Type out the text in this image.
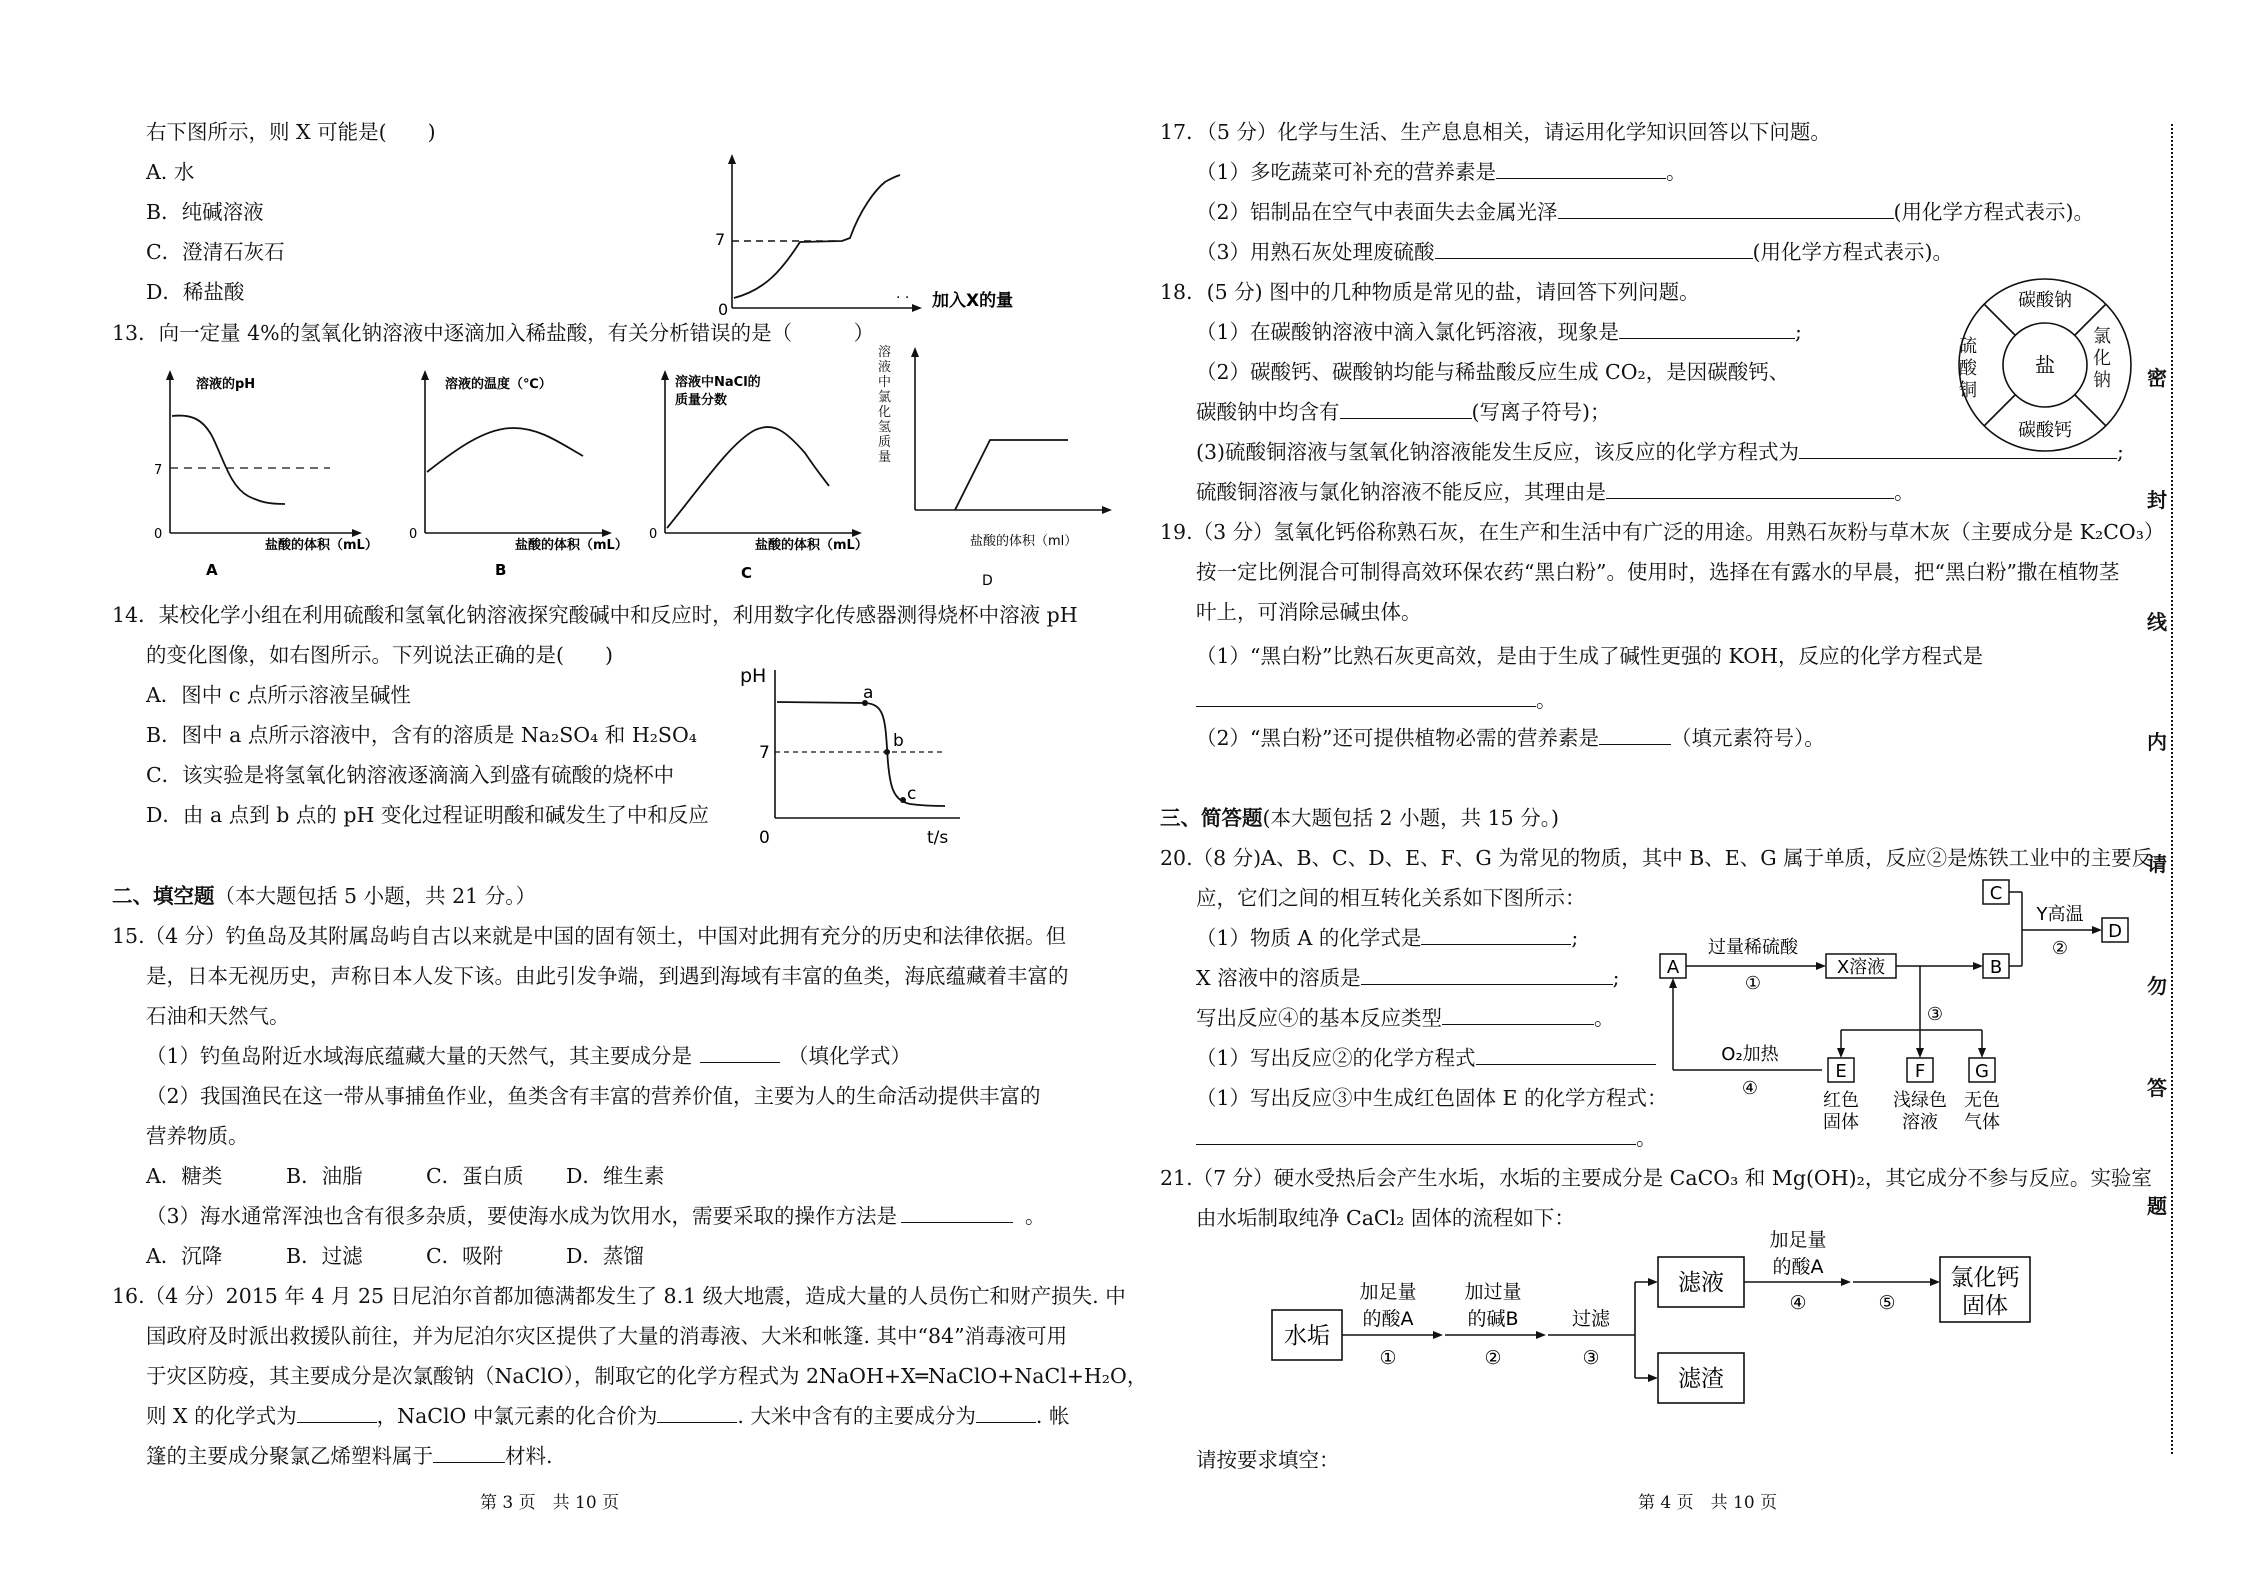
右下图所示，则 X 可能是(　　)
A. 水
B．纯碱溶液
C．澄清石灰石
D．稀盐酸
7
0
· · 加入X的量
13．向一定量 4%的氢氧化钠溶液中逐滴加入稀盐酸，有关分析错误的是（　　　）
溶液的pH
7
0
盐酸的体积（mL）
A
溶液的温度（℃）
0
盐酸的体积（mL）
B
溶液中NaCl的
质量分数
0
盐酸的体积（mL）
C
溶液中氯化氢质量
盐酸的体积（ml）
D
14．某校化学小组在利用硫酸和氢氧化钠溶液探究酸碱中和反应时，利用数字化传感器测得烧杯中溶液 pH
的变化图像，如右图所示。下列说法正确的是(　　)
A．图中 c 点所示溶液呈碱性
B．图中 a 点所示溶液中，含有的溶质是 Na₂SO₄ 和 H₂SO₄
C．该实验是将氢氧化钠溶液逐滴滴入到盛有硫酸的烧杯中
D．由 a 点到 b 点的 pH 变化过程证明酸和碱发生了中和反应
pH
7
0
a
b
c
t/s
二、填空题（本大题包括 5 小题，共 21 分。）
15.（4 分）钓鱼岛及其附属岛屿自古以来就是中国的固有领土，中国对此拥有充分的历史和法律依据。但
是，日本无视历史，声称日本人发下该。由此引发争端，到遇到海域有丰富的鱼类，海底蕴藏着丰富的
石油和天然气。
（1）钓鱼岛附近水域海底蕴藏大量的天然气，其主要成分是	（填化学式）
（2）我国渔民在这一带从事捕鱼作业，鱼类含有丰富的营养价值，主要为人的生命活动提供丰富的
营养物质。
A．糖类	B．油脂	C．蛋白质 D．维生素
（3）海水通常浑浊也含有很多杂质，要使海水成为饮用水，需要采取的操作方法是	。
A．沉降	B．过滤	C．吸附	D．蒸馏
16.（4 分）2015 年 4 月 25 日尼泊尔首都加德满都发生了 8.1 级大地震，造成大量的人员伤亡和财产损失. 中
国政府及时派出救援队前往，并为尼泊尔灾区提供了大量的消毒液、大米和帐篷. 其中“84”消毒液可用
于灾区防疫，其主要成分是次氯酸钠（NaClO），制取它的化学方程式为 2NaOH+X═NaClO+NaCl+H₂O，
则 X 的化学式为	，NaClO 中氯元素的化合价为	. 大米中含有的主要成分为	. 帐
篷的主要成分聚氯乙烯塑料属于	材料.
第 3 页　共 10 页
17．（5 分）化学与生活、生产息息相关，请运用化学知识回答以下问题。
（1）多吃蔬菜可补充的营养素是	。
（2）铝制品在空气中表面失去金属光泽	(用化学方程式表示)。
（3）用熟石灰处理废硫酸	(用化学方程式表示)。
18．(5 分) 图中的几种物质是常见的盐，请回答下列问题。
（1）在碳酸钠溶液中滴入氯化钙溶液，现象是	;
（2）碳酸钙、碳酸钠均能与稀盐酸反应生成 CO₂，是因碳酸钙、
碳酸钠中均含有	(写离子符号)；
(3)硫酸铜溶液与氢氧化钠溶液能发生反应，该反应的化学方程式为	;
硫酸铜溶液与氯化钠溶液不能反应，其理由是	。
盐
碳酸钠
碳酸钙
硫酸铜
氯化钠
19.（3 分）氢氧化钙俗称熟石灰，在生产和生活中有广泛的用途。用熟石灰粉与草木灰（主要成分是 K₂CO₃）
按一定比例混合可制得高效环保农药“黑白粉”。使用时，选择在有露水的早晨，把“黑白粉”撒在植物茎
叶上，可消除忌碱虫体。
（1）“黑白粉”比熟石灰更高效，是由于生成了碱性更强的 KOH，反应的化学方程式是
。
（2）“黑白粉”还可提供植物必需的营养素是	（填元素符号）。
三、简答题(本大题包括 2 小题，共 15 分。)
20.（8 分)A、B、C、D、E、F、G 为常见的物质，其中 B、E、G 属于单质，反应②是炼铁工业中的主要反
应，它们之间的相互转化关系如下图所示：
（1）物质 A 的化学式是	;
X 溶液中的溶质是	;
写出反应④的基本反应类型	。
（1）写出反应②的化学方程式
（1）写出反应③中生成红色固体 E 的化学方程式：
。
A	X溶液	B
C
D
E	F	G
过量稀硫酸
①
Y高温
②
③
O₂加热
④
红色
固体
浅绿色
溶液
无色
气体
21.（7 分）硬水受热后会产生水垢，水垢的主要成分是 CaCO₃ 和 Mg(OH)₂，其它成分不参与反应。实验室
由水垢制取纯净 CaCl₂ 固体的流程如下：
水垢
滤液
滤渣
氯化钙
固体
加足量
的酸A
①
加过量
的碱B
②
过滤
③
加足量
的酸A
④	⑤
请按要求填空：
第 4 页　共 10 页
密
封
线
内
请
勿
答
题
